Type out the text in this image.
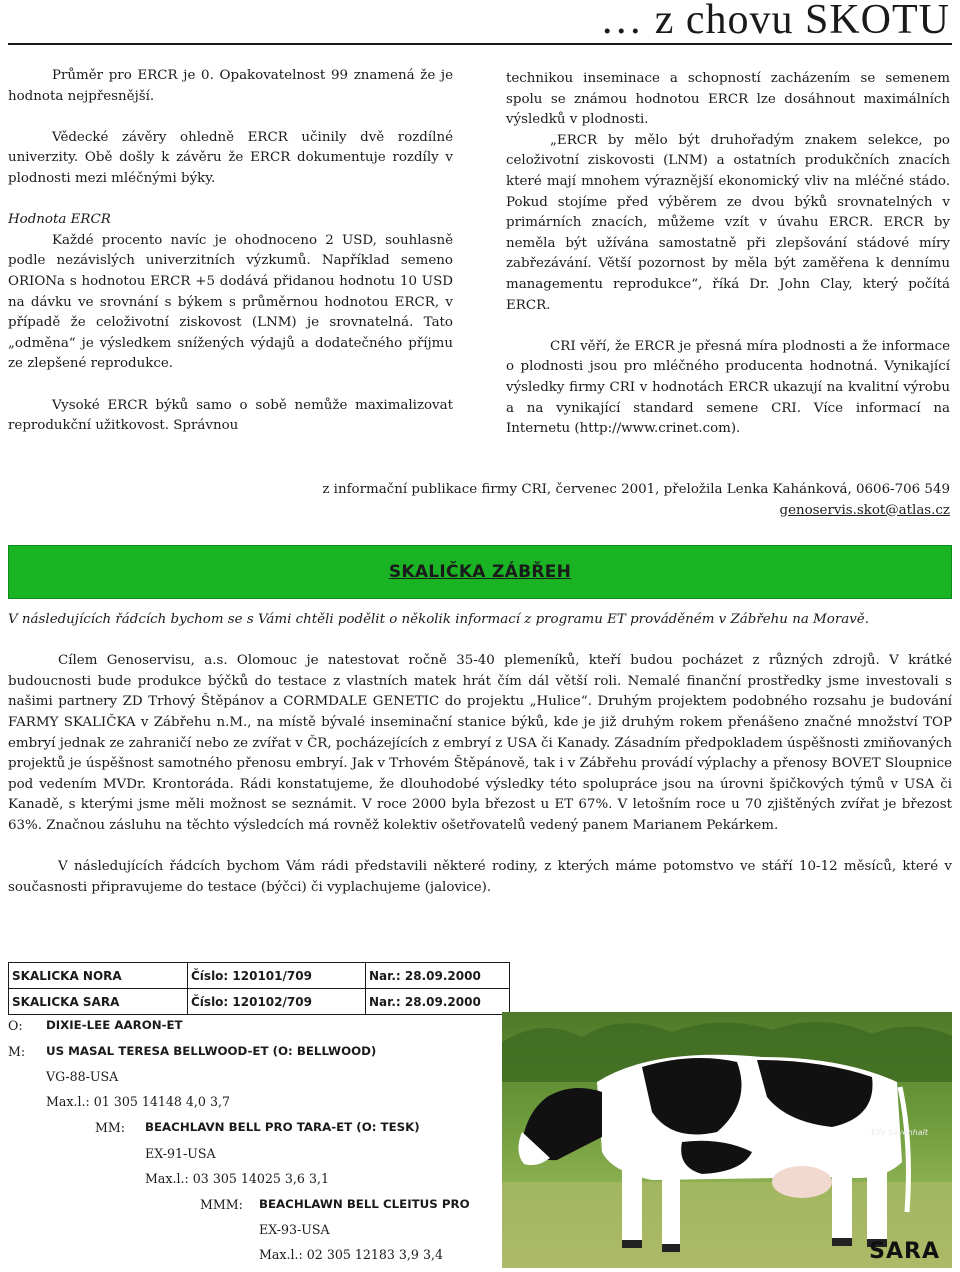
… z chovu SKOTU

Průměr pro ERCR je 0. Opakovatelnost 99 znamená že je hodnota nejpřesnější.

Vědecké závěry ohledně ERCR učinily dvě rozdílné univerzity. Obě došly k závěru že ERCR dokumentuje rozdíly v plodnosti mezi mléčnými býky.

Hodnota ERCR

Každé procento navíc je ohodnoceno 2 USD, souhlasně podle nezávislých univerzitních výzkumů. Například semeno ORIONa s hodnotou ERCR +5 dodává přidanou hodnotu 10 USD na dávku ve srovnání s býkem s průměrnou hodnotou ERCR, v případě že celoživotní ziskovost (LNM) je srovnatelná. Tato „odměna“ je výsledkem snížených výdajů a dodatečného příjmu ze zlepšené reprodukce.

Vysoké ERCR býků samo o sobě nemůže maximalizovat reprodukční užitkovost. Správnou

technikou inseminace a schopností zacházením se semenem spolu se známou hodnotou ERCR lze dosáhnout maximálních výsledků v plodnosti.

„ERCR by mělo být druhořadým znakem selekce, po celoživotní ziskovosti (LNM) a ostatních produkčních znacích které mají mnohem výraznější ekonomický vliv na mléčné stádo. Pokud stojíme před výběrem ze dvou býků srovnatelných v primárních znacích, můžeme vzít v úvahu ERCR. ERCR by neměla být užívána samostatně při zlepšování stádové míry zabřezávání. Větší pozornost by měla být zaměřena k dennímu managementu reprodukce“, říká Dr. John Clay, který počítá ERCR.

CRI věří, že ERCR je přesná míra plodnosti a že informace o plodnosti jsou pro mléčného producenta hodnotná. Vynikající výsledky firmy CRI v hodnotách ERCR ukazují na kvalitní výrobu a na vynikající standard semene CRI. Více informací na Internetu (http://www.crinet.com).

z informační publikace firmy CRI, červenec 2001, přeložila Lenka Kahánková, 0606-706 549
genoservis.skot@atlas.cz
SKALIČKA ZÁBŘEH

V následujících řádcích bychom se s Vámi chtěli podělit o několik informací z programu ET prováděném v Zábřehu na Moravě.

Cílem Genoservisu, a.s. Olomouc je natestovat ročně 35-40 plemeníků, kteří budou pocházet z různých zdrojů. V krátké budoucnosti bude produkce býčků do testace z vlastních matek hrát čím dál větší roli. Nemalé finanční prostředky jsme investovali s našimi partnery ZD Trhový Štěpánov a CORMDALE GENETIC do projektu „Hulice“. Druhým projektem podobného rozsahu je budování FARMY SKALIČKA v Zábřehu n.M., na místě bývalé inseminační stanice býků, kde je již druhým rokem přenášeno značné množství TOP embryí jednak ze zahraničí nebo ze zvířat v ČR, pocházejících z embryí z USA či Kanady. Zásadním předpokladem úspěšnosti zmiňovaných projektů je úspěšnost samotného přenosu embryí. Jak v Trhovém Štěpánově, tak i v Zábřehu provádí výplachy a přenosy BOVET Sloupnice pod vedením MVDr. Krontoráda. Rádi konstatujeme, že dlouhodobé výsledky této spolupráce jsou na úrovni špičkových týmů v USA či Kanadě, s kterými jsme měli možnost se seznámit. V roce 2000 byla březost u ET 67%. V letošním roce u 70 zjištěných zvířat je březost 63%. Značnou zásluhu na těchto výsledcích má rovněž kolektiv ošetřovatelů vedený panem Marianem Pekárkem.

V následujících řádcích bychom Vám rádi představili některé rodiny, z kterých máme potomstvo ve stáří 10-12 měsíců, které v současnosti připravujeme do testace (býčci) či vyplachujeme (jalovice).

SKALICKA NORA	Číslo: 120101/709	Nar.: 28.09.2000
SKALICKA SARA	Číslo: 120102/709	Nar.: 28.09.2000
O: DIXIE-LEE AARON-ET
M: US MASAL TERESA BELLWOOD-ET (O: BELLWOOD)
VG-88-USA
Max.l.: 01 305 14148 4,0 3,7
MM: BEACHLAVN BELL PRO TARA-ET (O: TESK)
EX-91-USA
Max.l.: 03 305 14025 3,6 3,1
MMM: BEACHLAWN BELL CLEITUS PRO
EX-93-USA
Max.l.: 02 305 12183 3,9 3,4
Elly Savenhalt
SARA
